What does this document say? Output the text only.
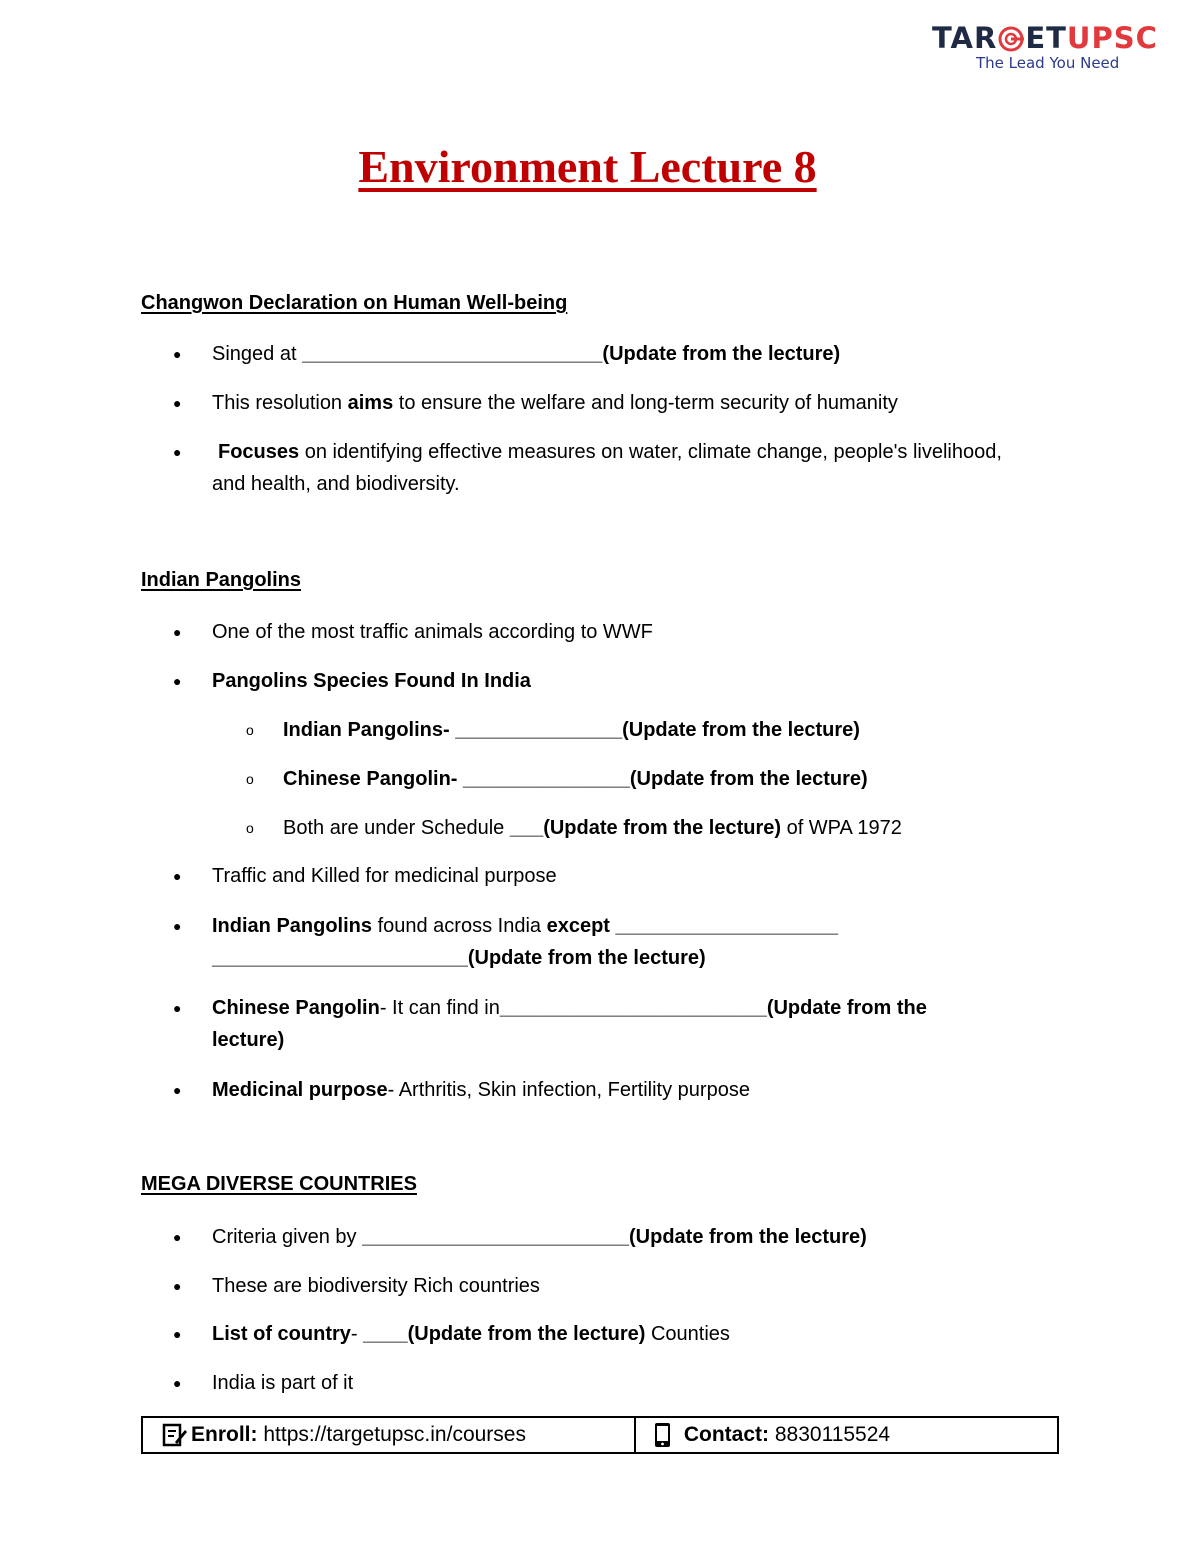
TAR ETUPSC
The Lead You Need
Environment Lecture 8
Changwon Declaration on Human Well-being
● Singed at ___________________________(Update from the lecture)
● This resolution aims to ensure the welfare and long-term security of humanity
●	Focuses on identifying effective measures on water, climate change, people's livelihood, and health, and biodiversity.
Indian Pangolins
● One of the most traffic animals according to WWF
● Pangolins Species Found In India
o Indian Pangolins- _______________(Update from the lecture)
o Chinese Pangolin- _______________(Update from the lecture)
o Both are under Schedule ___(Update from the lecture) of WPA 1972
● Traffic and Killed for medicinal purpose
● Indian Pangolins found across India except ____________________
_______________________(Update from the lecture)
● Chinese Pangolin- It can find in________________________(Update from the
lecture)
● Medicinal purpose- Arthritis, Skin infection, Fertility purpose
MEGA DIVERSE COUNTRIES
● Criteria given by ________________________(Update from the lecture)
● These are biodiversity Rich countries
● List of country- ____(Update from the lecture) Counties
● India is part of it
Enroll:
https://targetupsc.in/courses
	Contact:
8830115524
